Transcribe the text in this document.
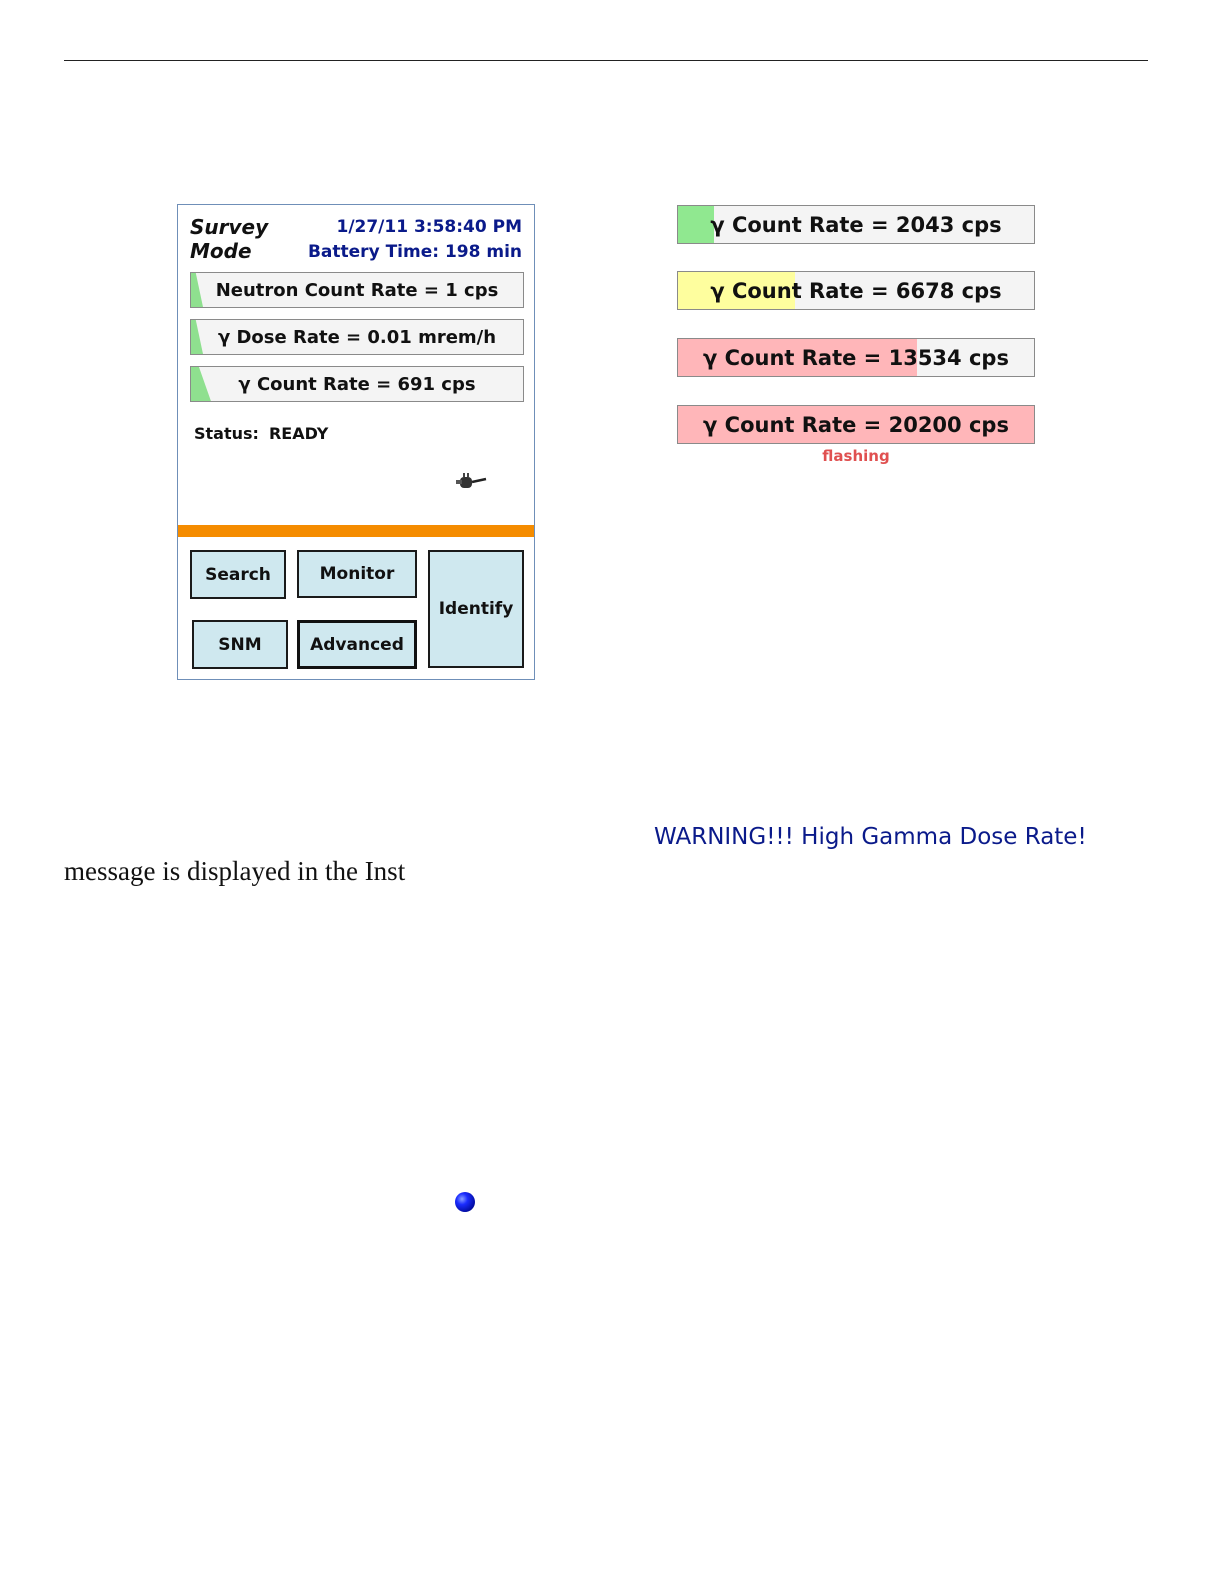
Survey Mode
1/27/11 3:58:40 PM
Battery Time: 198 min
Neutron Count Rate = 1 cps
γ Dose Rate = 0.01 mrem/h
γ Count Rate = 691 cps
Status: READY
Search	Monitor
Identify
SNM	Advanced
γ Count Rate = 2043 cps
γ Count Rate = 6678 cps
γ Count Rate = 13534 cps
γ Count Rate = 20200 cps
flashing
WARNING!!! High Gamma Dose Rate!
message is displayed in the Inst
